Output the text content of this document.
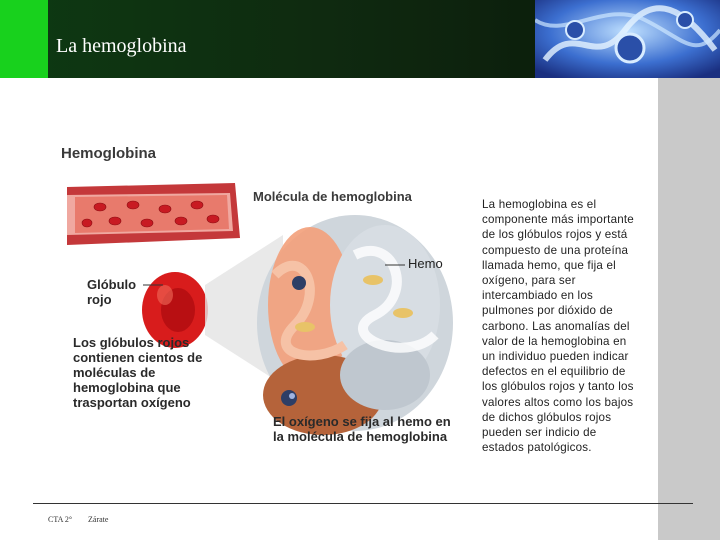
La hemoglobina
Hemoglobina
Molécula de hemoglobina
Glóbulo rojo
Hemo
Los glóbulos rojos contienen cientos de moléculas de hemoglobina que trasportan oxígeno
El oxígeno se fija al hemo en la molécula de hemoglobina
La hemoglobina es el componente más importante de los glóbulos rojos y está compuesto de una proteína llamada hemo, que fija el oxígeno, para ser intercambiado en los pulmones por dióxido de carbono. Las anomalías del valor de la hemoglobina en un individuo pueden indicar defectos en el equilibrio de los glóbulos rojos y tanto los valores altos como los bajos de dichos glóbulos rojos pueden ser indicio de estados patológicos.
CTA 2° Zárate
